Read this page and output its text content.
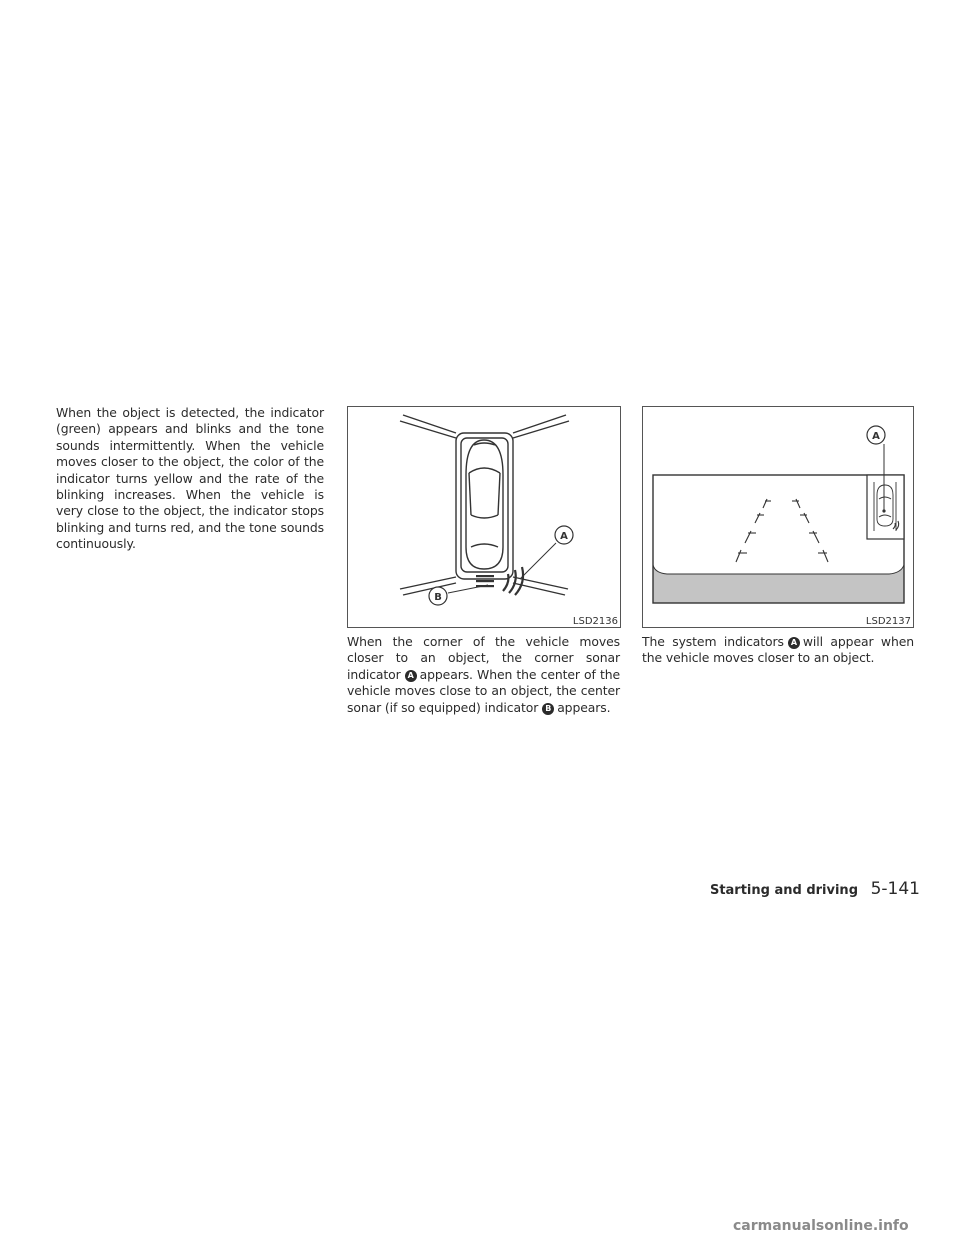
When the object is detected, the indicator (green) appears and blinks and the tone sounds intermittently. When the vehicle moves closer to the object, the color of the indicator turns yellow and the rate of the blinking increases. When the vehicle is very close to the object, the indicator stops blinking and turns red, and the tone sounds continuously.	A
B
LSD2136
A
LSD2137
When the corner of the vehicle moves closer to an object, the corner sonar indicator A appears. When the center of the vehicle moves close to an object, the center sonar (if so equipped) indicator B appears.
The system indicators A will appear when the vehicle moves closer to an object.
Starting and driving 5-141
carmanualsonline.info
